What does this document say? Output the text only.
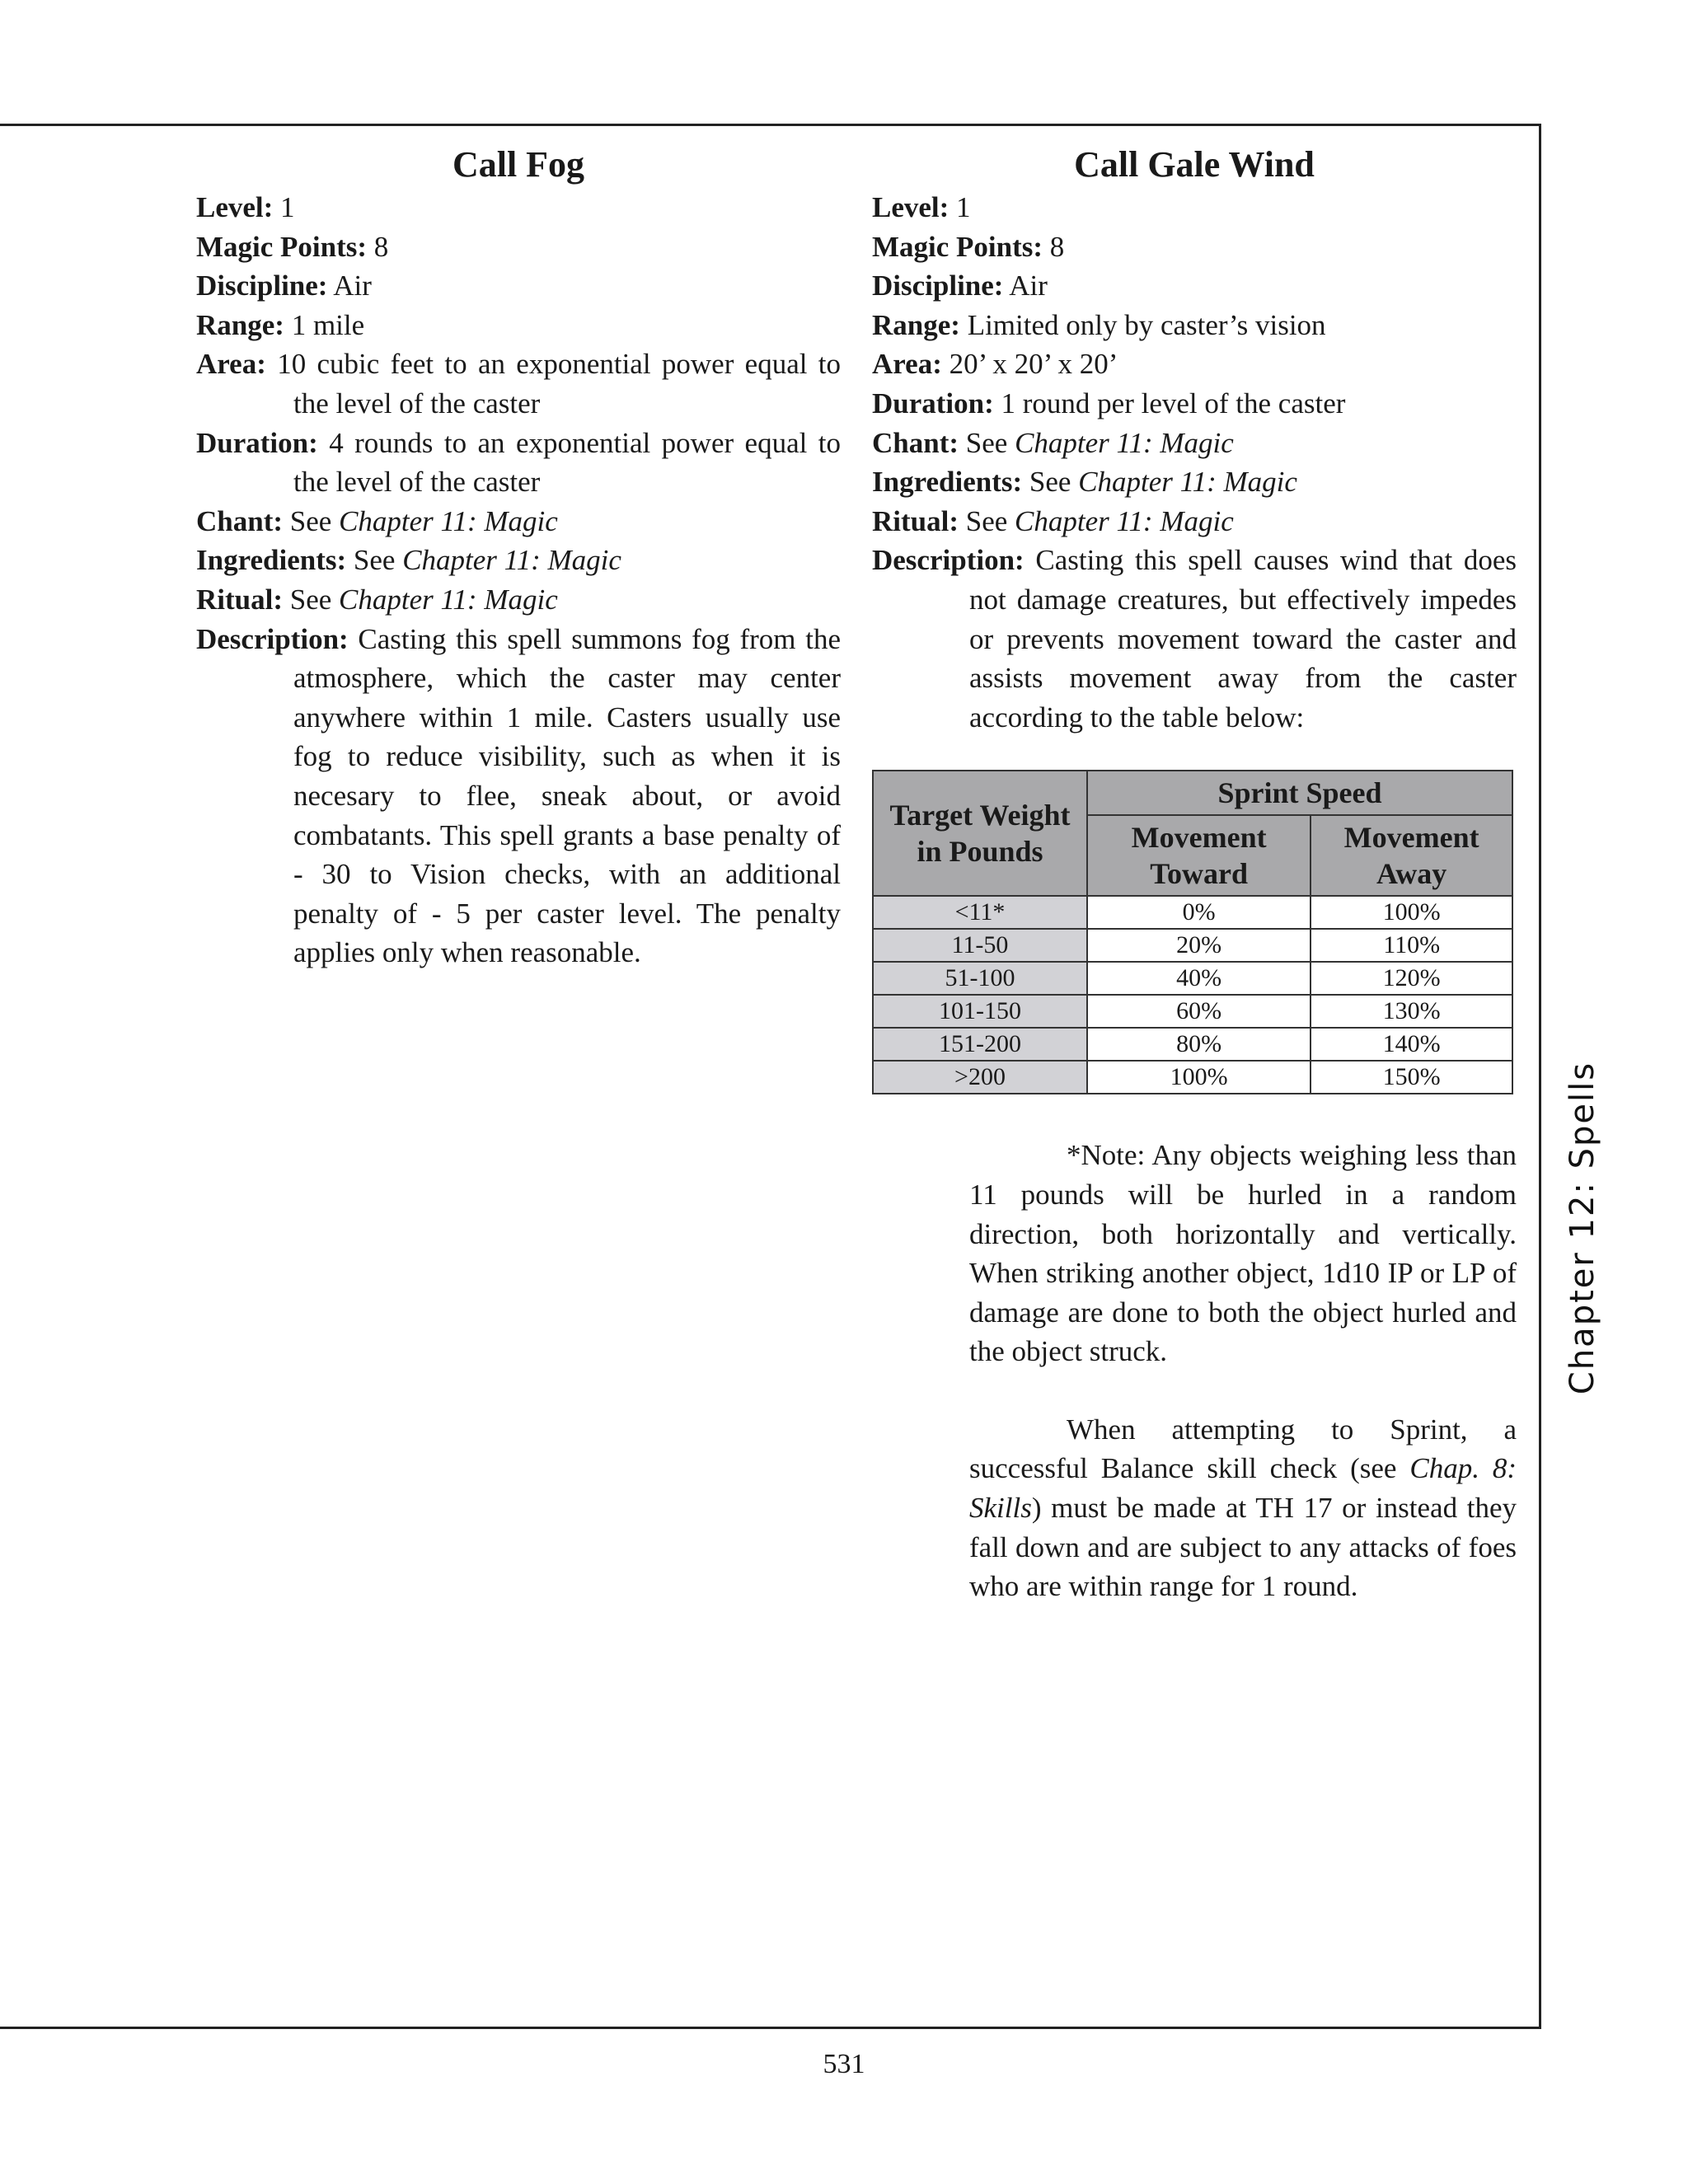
Chapter 12: Spells
Call Fog
Level: 1
Magic Points: 8
Discipline: Air
Range: 1 mile
Area: 10 cubic feet to an exponential power equal to the level of the caster
Duration: 4 rounds to an exponential power equal to the level of the caster
Chant: See Chapter 11: Magic
Ingredients: See Chapter 11: Magic
Ritual: See Chapter 11: Magic
Description: Casting this spell summons fog from the atmosphere, which the caster may center anywhere within 1 mile. Casters usually use fog to reduce visibility, such as when it is necesary to flee, sneak about, or avoid combatants. This spell grants a base penalty of - 30 to Vision checks, with an additional penalty of - 5 per caster level. The penalty applies only when reasonable.
Call Gale Wind
Level: 1
Magic Points: 8
Discipline: Air
Range: Limited only by caster’s vision
Area: 20’ x 20’ x 20’
Duration: 1 round per level of the caster
Chant: See Chapter 11: Magic
Ingredients: See Chapter 11: Magic
Ritual: See Chapter 11: Magic
Description: Casting this spell causes wind that does not damage creatures, but effectively impedes or prevents movement toward the caster and assists movement away from the caster according to the table below:
Target Weight in Pounds	Sprint Speed	
	Movement Toward	Movement Away
<11*	0%	100%
11-50	20%	110%
51-100	40%	120%
101-150	60%	130%
151-200	80%	140%
>200	100%	150%
*Note: Any objects weighing less than 11 pounds will be hurled in a random direction, both horizontally and vertically. When striking another object, 1d10 IP or LP of damage are done to both the object hurled and the object struck.
When attempting to Sprint, a successful Balance skill check (see Chap. 8: Skills) must be made at TH 17 or instead they fall down and are subject to any attacks of foes who are within range for 1 round.
531
